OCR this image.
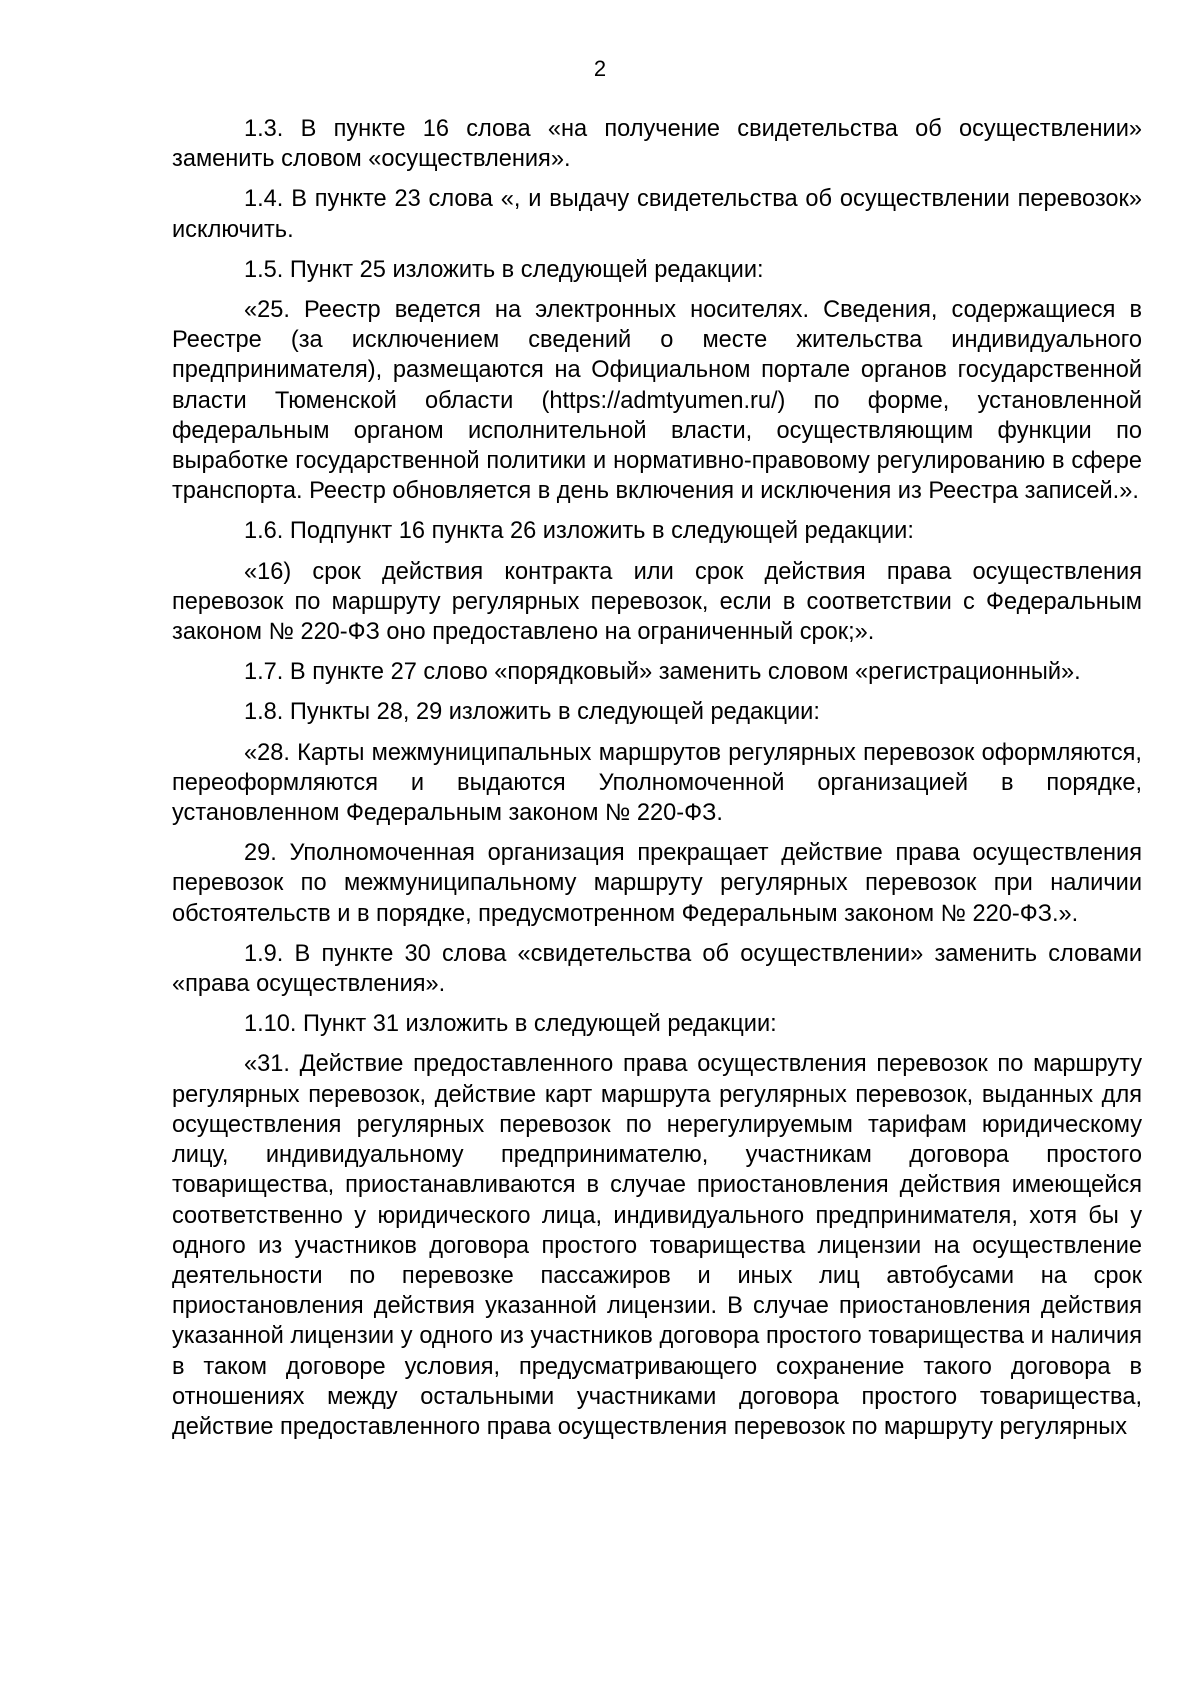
2

1.3. В пункте 16 слова «на получение свидетельства об осуществлении» заменить словом «осуществления».

1.4. В пункте 23 слова «, и выдачу свидетельства об осуществлении перевозок» исключить.

1.5. Пункт 25 изложить в следующей редакции:

«25. Реестр ведется на электронных носителях. Сведения, содержащиеся в Реестре (за исключением сведений о месте жительства индивидуального предпринимателя), размещаются на Официальном портале органов государственной власти Тюменской области (https://admtyumen.ru/) по форме, установленной федеральным органом исполнительной власти, осуществляющим функции по выработке государственной политики и нормативно-правовому регулированию в сфере транспорта. Реестр обновляется в день включения и исключения из Реестра записей.».

1.6. Подпункт 16 пункта 26 изложить в следующей редакции:

«16) срок действия контракта или срок действия права осуществления перевозок по маршруту регулярных перевозок, если в соответствии с Федеральным законом № 220-ФЗ оно предоставлено на ограниченный срок;».

1.7. В пункте 27 слово «порядковый» заменить словом «регистрационный».

1.8. Пункты 28, 29 изложить в следующей редакции:

«28. Карты межмуниципальных маршрутов регулярных перевозок оформляются, переоформляются и выдаются Уполномоченной организацией в порядке, установленном Федеральным законом № 220-ФЗ.

29. Уполномоченная организация прекращает действие права осуществления перевозок по межмуниципальному маршруту регулярных перевозок при наличии обстоятельств и в порядке, предусмотренном Федеральным законом № 220-ФЗ.».

1.9. В пункте 30 слова «свидетельства об осуществлении» заменить словами «права осуществления».

1.10. Пункт 31 изложить в следующей редакции:

«31. Действие предоставленного права осуществления перевозок по маршруту регулярных перевозок, действие карт маршрута регулярных перевозок, выданных для осуществления регулярных перевозок по нерегулируемым тарифам юридическому лицу, индивидуальному предпринимателю, участникам договора простого товарищества, приостанавливаются в случае приостановления действия имеющейся соответственно у юридического лица, индивидуального предпринимателя, хотя бы у одного из участников договора простого товарищества лицензии на осуществление деятельности по перевозке пассажиров и иных лиц автобусами на срок приостановления действия указанной лицензии. В случае приостановления действия указанной лицензии у одного из участников договора простого товарищества и наличия в таком договоре условия, предусматривающего сохранение такого договора в отношениях между остальными участниками договора простого товарищества, действие предоставленного права осуществления перевозок по маршруту регулярных
